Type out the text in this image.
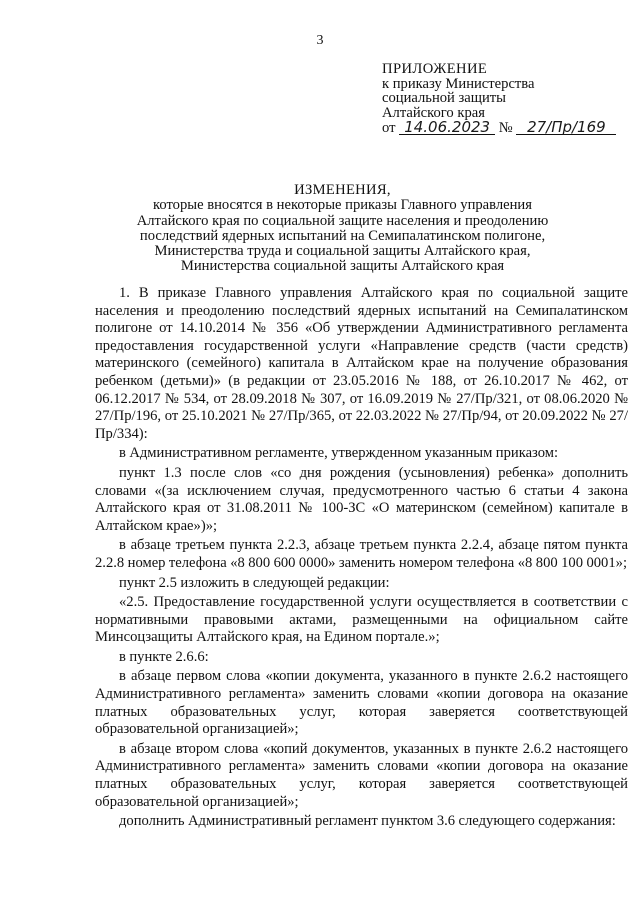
3
ПРИЛОЖЕНИЕ
к приказу Министерства
социальной защиты
Алтайского края
от 14.06.2023 № 27/Пр/169
ИЗМЕНЕНИЯ,
которые вносятся в некоторые приказы Главного управления
Алтайского края по социальной защите населения и преодолению
последствий ядерных испытаний на Семипалатинском полигоне,
Министерства труда и социальной защиты Алтайского края,
Министерства социальной защиты Алтайского края

1. В приказе Главного управления Алтайского края по социальной защите населения и преодолению последствий ядерных испытаний на Семипалатинском полигоне от 14.10.2014 № 356 «Об утверждении Административного регламента предоставления государственной услуги «Направление средств (части средств) материнского (семейного) капитала в Алтайском крае на получение образования ребенком (детьми)» (в редакции от 23.05.2016 № 188, от 26.10.2017 № 462, от 06.12.2017 № 534, от 28.09.2018 № 307, от 16.09.2019 № 27/Пр/321, от 08.06.2020 № 27/Пр/196, от 25.10.2021 № 27/Пр/365, от 22.03.2022 № 27/Пр/94, от 20.09.2022 № 27/Пр/334):

в Административном регламенте, утвержденном указанным приказом:

пункт 1.3 после слов «со дня рождения (усыновления) ребенка» дополнить словами «(за исключением случая, предусмотренного частью 6 статьи 4 закона Алтайского края от 31.08.2011 № 100-ЗС «О материнском (семейном) капитале в Алтайском крае»)»;

в абзаце третьем пункта 2.2.3, абзаце третьем пункта 2.2.4, абзаце пятом пункта 2.2.8 номер телефона «8 800 600 0000» заменить номером телефона «8 800 100 0001»;

пункт 2.5 изложить в следующей редакции:

«2.5. Предоставление государственной услуги осуществляется в соответствии с нормативными правовыми актами, размещенными на официальном сайте Минсоцзащиты Алтайского края, на Едином портале.»;

в пункте 2.6.6:

в абзаце первом слова «копии документа, указанного в пункте 2.6.2 настоящего Административного регламента» заменить словами «копии договора на оказание платных образовательных услуг, которая заверяется соответствующей образовательной организацией»;

в абзаце втором слова «копий документов, указанных в пункте 2.6.2 настоящего Административного регламента» заменить словами «копии договора на оказание платных образовательных услуг, которая заверяется соответствующей образовательной организацией»;

дополнить Административный регламент пунктом 3.6 следующего содержания:
